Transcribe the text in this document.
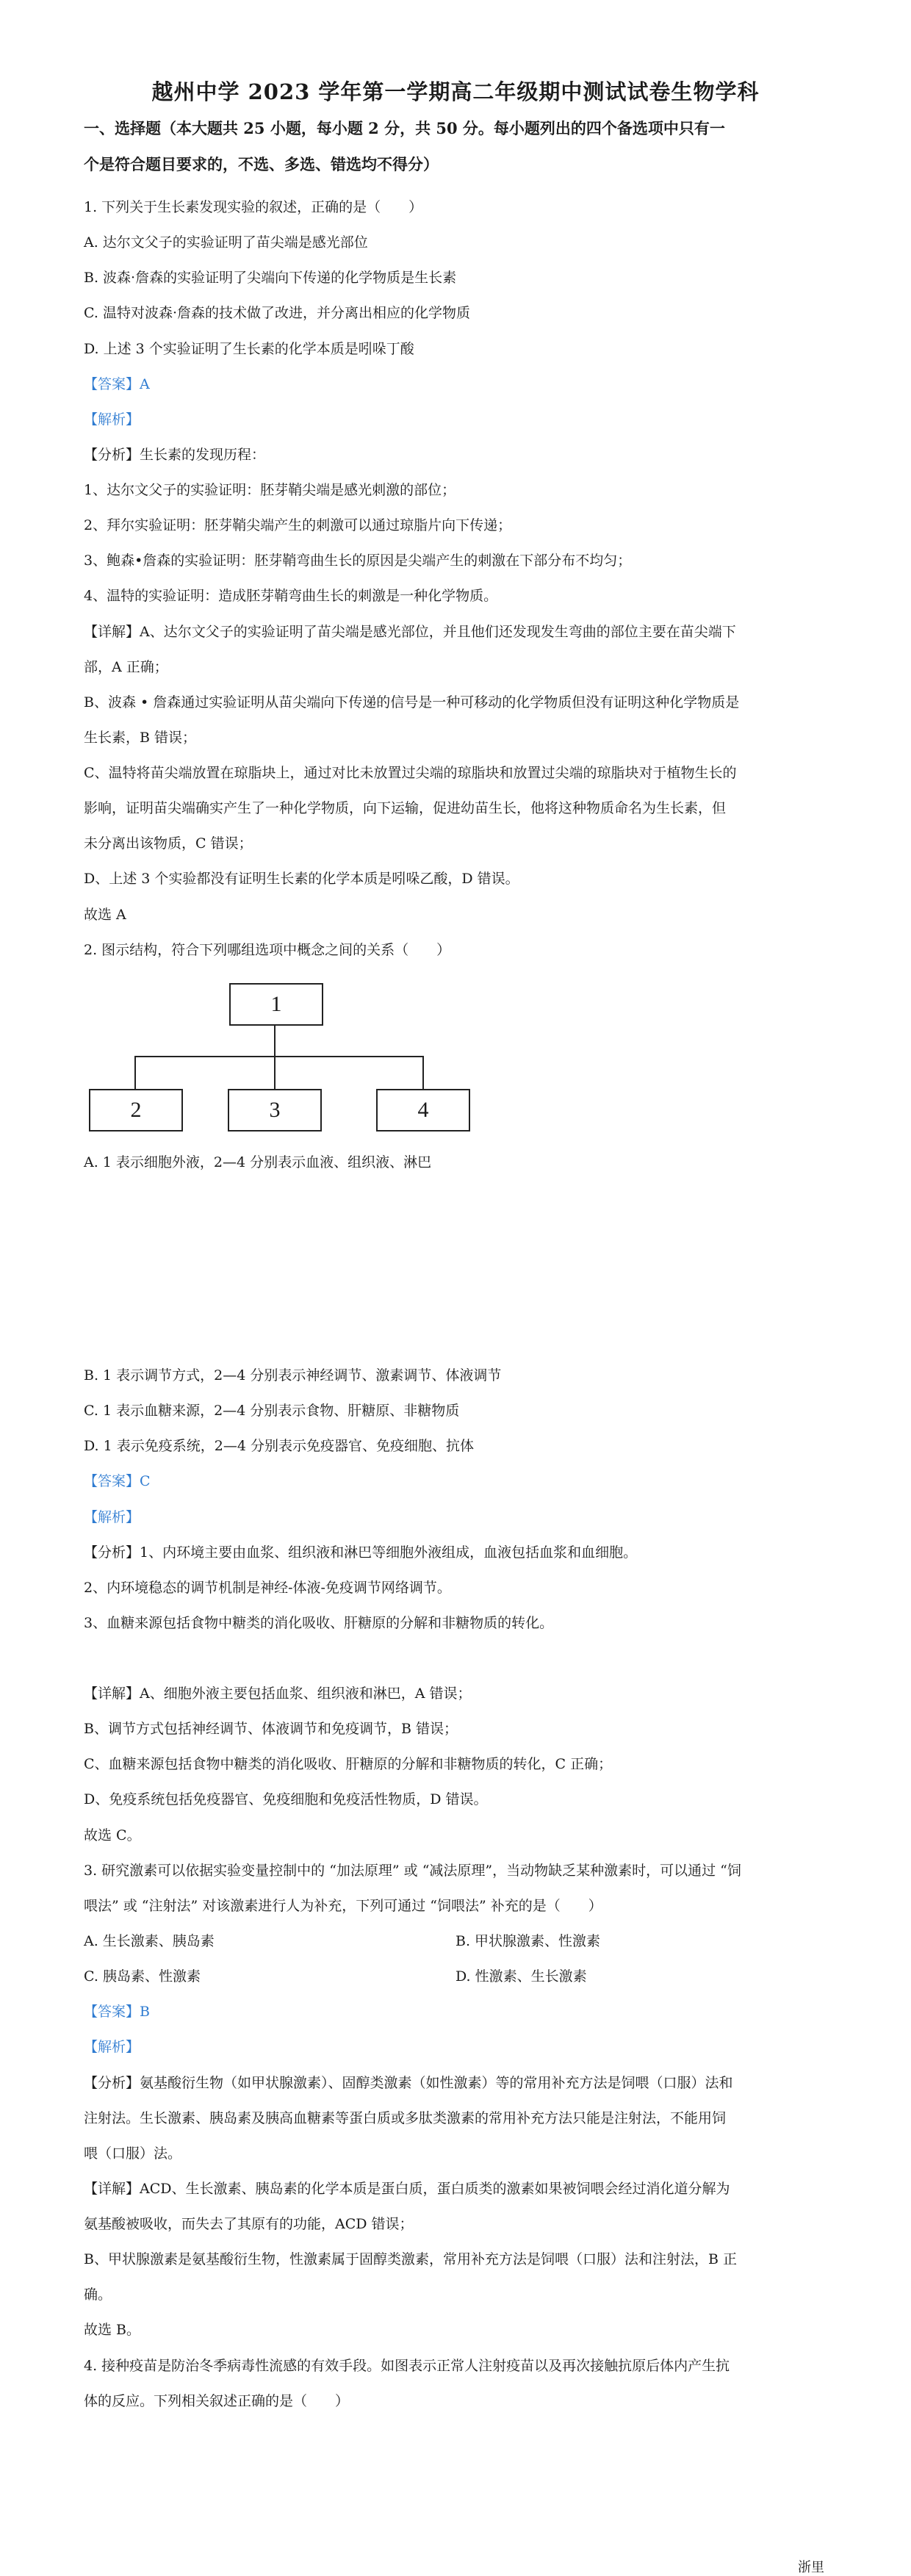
越州中学 2023 学年第一学期高二年级期中测试试卷生物学科
一、选择题（本大题共 25 小题，每小题 2 分，共 50 分。每小题列出的四个备选项中只有一
个是符合题目要求的，不选、多选、错选均不得分）
1. 下列关于生长素发现实验的叙述，正确的是（　　）
A. 达尔文父子的实验证明了苗尖端是感光部位
B. 波森·詹森的实验证明了尖端向下传递的化学物质是生长素
C. 温特对波森·詹森的技术做了改进，并分离出相应的化学物质
D. 上述 3 个实验证明了生长素的化学本质是吲哚丁酸
【答案】A
【解析】
【分析】生长素的发现历程：
1、达尔文父子的实验证明：胚芽鞘尖端是感光刺激的部位；
2、拜尔实验证明：胚芽鞘尖端产生的刺激可以通过琼脂片向下传递；
3、鲍森•詹森的实验证明：胚芽鞘弯曲生长的原因是尖端产生的刺激在下部分布不均匀；
4、温特的实验证明：造成胚芽鞘弯曲生长的刺激是一种化学物质。
【详解】A、达尔文父子的实验证明了苗尖端是感光部位，并且他们还发现发生弯曲的部位主要在苗尖端下
部，A 正确；
B、波森 • 詹森通过实验证明从苗尖端向下传递的信号是一种可移动的化学物质但没有证明这种化学物质是
生长素，B 错误；
C、温特将苗尖端放置在琼脂块上，通过对比未放置过尖端的琼脂块和放置过尖端的琼脂块对于植物生长的
影响，证明苗尖端确实产生了一种化学物质，向下运输，促进幼苗生长，他将这种物质命名为生长素，但
未分离出该物质，C 错误；
D、上述 3 个实验都没有证明生长素的化学本质是吲哚乙酸，D 错误。
故选 A
2. 图示结构，符合下列哪组选项中概念之间的关系（　　）
1
2	3	4
A. 1 表示细胞外液，2—4 分别表示血液、组织液、淋巴
B. 1 表示调节方式，2—4 分别表示神经调节、激素调节、体液调节
C. 1 表示血糖来源，2—4 分别表示食物、肝糖原、非糖物质
D. 1 表示免疫系统，2—4 分别表示免疫器官、免疫细胞、抗体
【答案】C
【解析】
【分析】1、内环境主要由血浆、组织液和淋巴等细胞外液组成，血液包括血浆和血细胞。
2、内环境稳态的调节机制是神经-体液-免疫调节网络调节。
3、血糖来源包括食物中糖类的消化吸收、肝糖原的分解和非糖物质的转化。
【详解】A、细胞外液主要包括血浆、组织液和淋巴，A 错误；
B、调节方式包括神经调节、体液调节和免疫调节，B 错误；
C、血糖来源包括食物中糖类的消化吸收、肝糖原的分解和非糖物质的转化，C 正确；
D、免疫系统包括免疫器官、免疫细胞和免疫活性物质，D 错误。
故选 C。
3. 研究激素可以依据实验变量控制中的 “加法原理” 或 “减法原理”，当动物缺乏某种激素时，可以通过 “饲
喂法” 或 “注射法” 对该激素进行人为补充，下列可通过 “饲喂法” 补充的是（　　）
A. 生长激素、胰岛素	B. 甲状腺激素、性激素
C. 胰岛素、性激素	D. 性激素、生长激素
【答案】B
【解析】
【分析】氨基酸衍生物（如甲状腺激素）、固醇类激素（如性激素）等的常用补充方法是饲喂（口服）法和
注射法。生长激素、胰岛素及胰高血糖素等蛋白质或多肽类激素的常用补充方法只能是注射法，不能用饲
喂（口服）法。
【详解】ACD、生长激素、胰岛素的化学本质是蛋白质，蛋白质类的激素如果被饲喂会经过消化道分解为
氨基酸被吸收，而失去了其原有的功能，ACD 错误；
B、甲状腺激素是氨基酸衍生物，性激素属于固醇类激素，常用补充方法是饲喂（口服）法和注射法，B 正
确。
故选 B。
4. 接种疫苗是防治冬季病毒性流感的有效手段。如图表示正常人注射疫苗以及再次接触抗原后体内产生抗
体的反应。下列相关叙述正确的是（　　）
浙里
